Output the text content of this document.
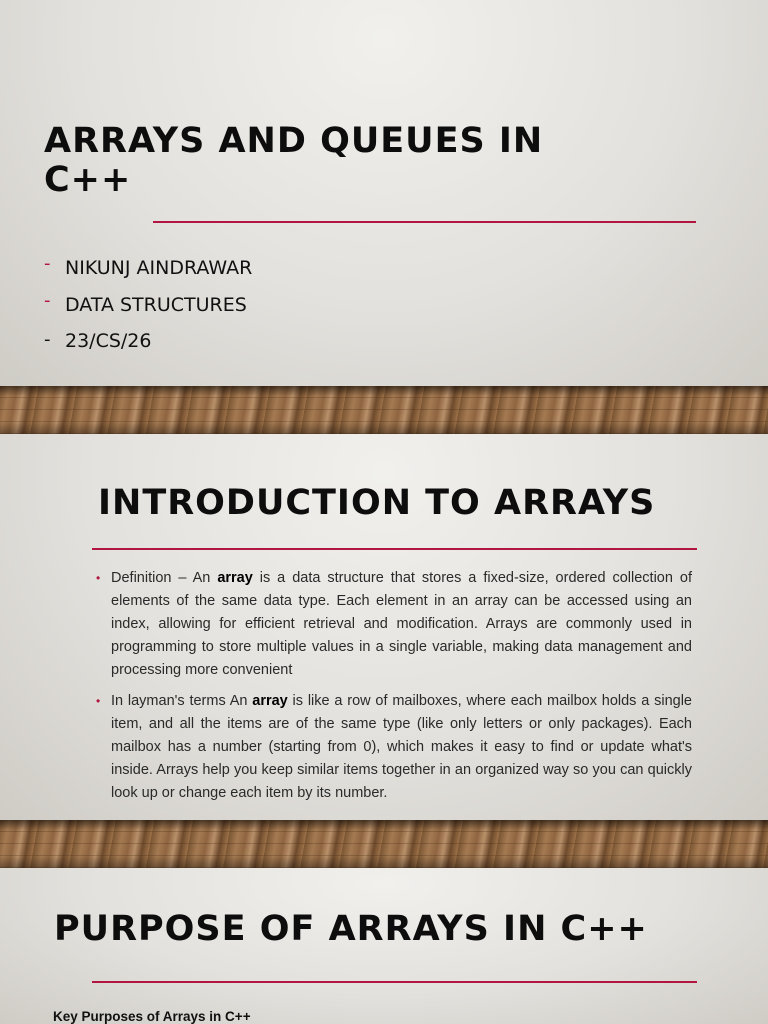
ARRAYS AND QUEUES IN
C++
- NIKUNJ AINDRAWAR
- DATA STRUCTURES
- 23/CS/26
INTRODUCTION TO ARRAYS
• Definition – An array is a data structure that stores a fixed-size, ordered collection of elements of the same data type. Each element in an array can be accessed using an index, allowing for efficient retrieval and modification. Arrays are commonly used in programming to store multiple values in a single variable, making data management and processing more convenient
• In layman's terms An array is like a row of mailboxes, where each mailbox holds a single item, and all the items are of the same type (like only letters or only packages). Each mailbox has a number (starting from 0), which makes it easy to find or update what's inside. Arrays help you keep similar items together in an organized way so you can quickly look up or change each item by its number.
PURPOSE OF ARRAYS IN C++

Key Purposes of Arrays in C++
